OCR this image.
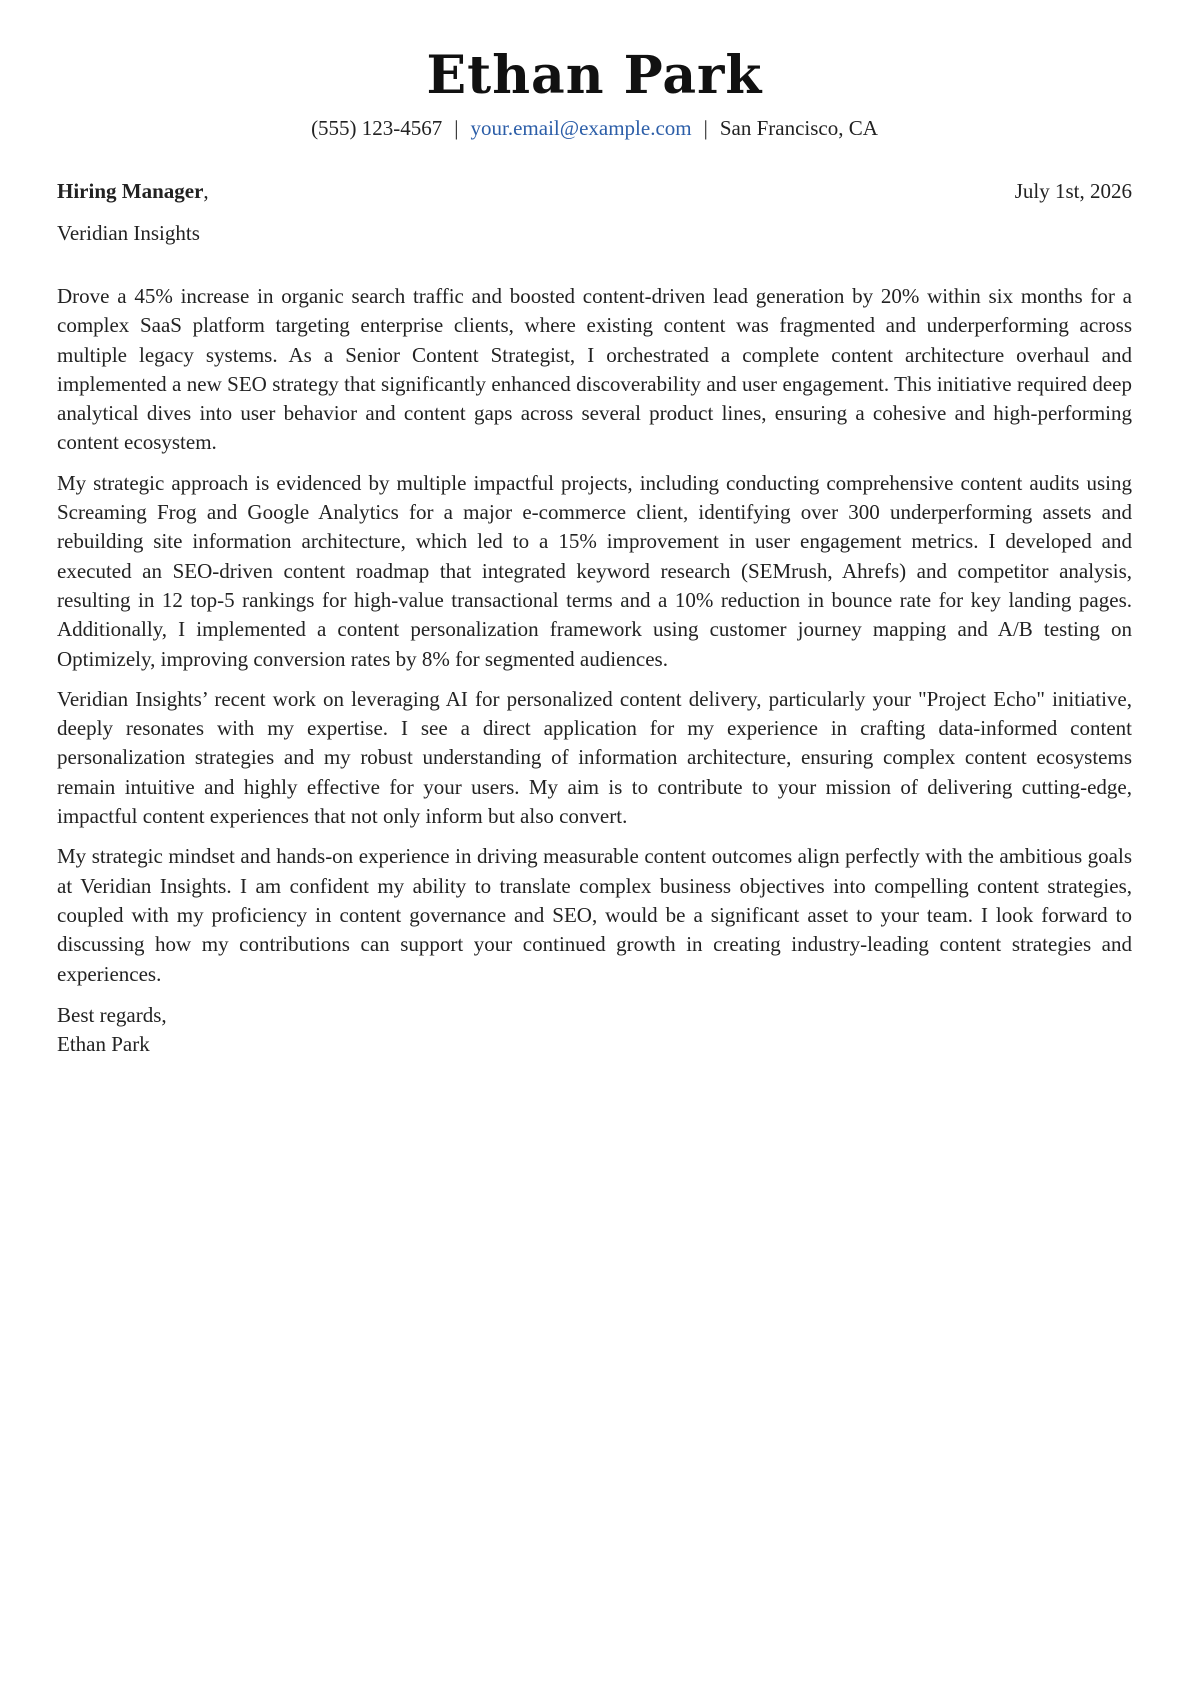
Ethan Park
(555) 123-4567 | your.email@example.com | San Francisco, CA
Hiring Manager,	July 1st, 2026
Veridian Insights

Drove a 45% increase in organic search traffic and boosted content-driven lead generation by 20% within six months for a complex SaaS platform targeting enterprise clients, where existing content was fragmented and underperforming across multiple legacy systems. As a Senior Content Strategist, I orchestrated a complete content architecture overhaul and implemented a new SEO strategy that significantly enhanced discoverability and user engagement. This initiative required deep analytical dives into user behavior and content gaps across several product lines, ensuring a cohesive and high-performing content ecosystem.

My strategic approach is evidenced by multiple impactful projects, including conducting comprehensive content audits using Screaming Frog and Google Analytics for a major e-commerce client, identifying over 300 underperforming assets and rebuilding site information architecture, which led to a 15% improvement in user engagement metrics. I developed and executed an SEO-driven content roadmap that integrated keyword research (SEMrush, Ahrefs) and competitor analysis, resulting in 12 top-5 rankings for high-value transactional terms and a 10% reduction in bounce rate for key landing pages. Additionally, I implemented a content personalization framework using customer journey mapping and A/B testing on Optimizely, improving conversion rates by 8% for segmented audiences.

Veridian Insights’ recent work on leveraging AI for personalized content delivery, particularly your "Project Echo" initiative, deeply resonates with my expertise. I see a direct application for my experience in crafting data-informed content personalization strategies and my robust understanding of information architecture, ensuring complex content ecosystems remain intuitive and highly effective for your users. My aim is to contribute to your mission of delivering cutting-edge, impactful content experiences that not only inform but also convert.

My strategic mindset and hands-on experience in driving measurable content outcomes align perfectly with the ambitious goals at Veridian Insights. I am confident my ability to translate complex business objectives into compelling content strategies, coupled with my proficiency in content governance and SEO, would be a significant asset to your team. I look forward to discussing how my contributions can support your continued growth in creating industry-leading content strategies and experiences.

Best regards,
Ethan Park
